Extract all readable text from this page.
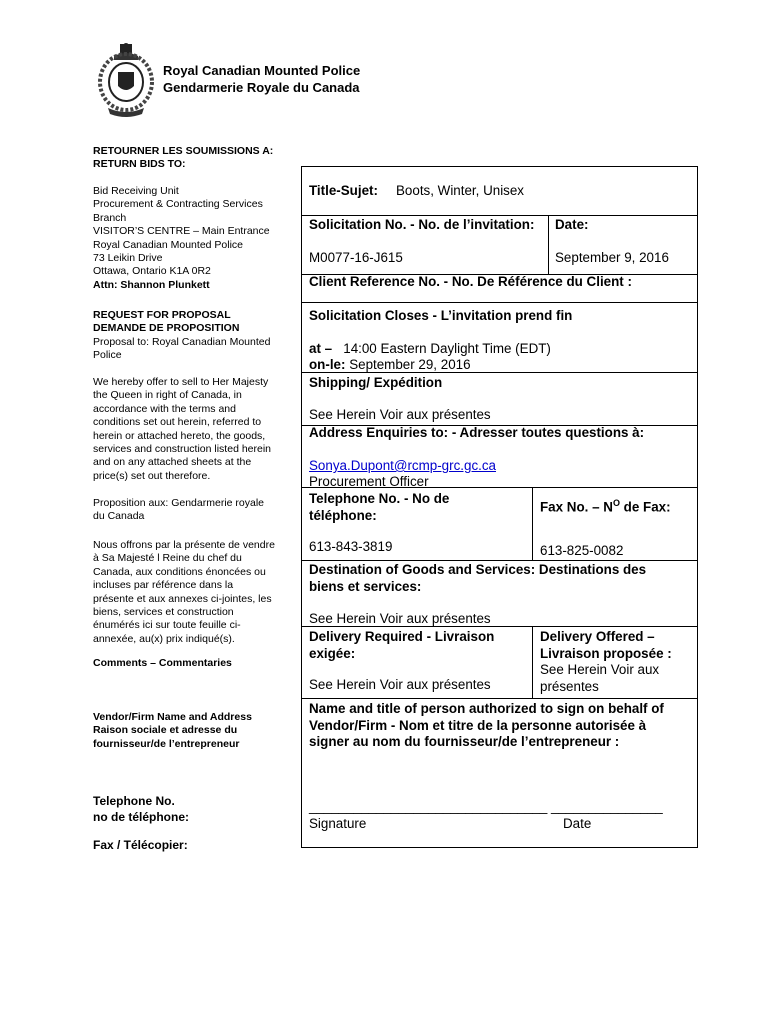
Royal Canadian Mounted Police
Gendarmerie Royale du Canada
RETOURNER LES SOUMISSIONS A:
RETURN BIDS TO:
Bid Receiving Unit
Procurement & Contracting Services
Branch
VISITOR’S CENTRE – Main Entrance
Royal Canadian Mounted Police
73 Leikin Drive
Ottawa, Ontario K1A 0R2
Attn: Shannon Plunkett
REQUEST FOR PROPOSAL
DEMANDE DE PROPOSITION
Proposal to: Royal Canadian Mounted
Police
We hereby offer to sell to Her Majesty
the Queen in right of Canada, in
accordance with the terms and
conditions set out herein, referred to
herein or attached hereto, the goods,
services and construction listed herein
and on any attached sheets at the
price(s) set out therefore.
Proposition aux: Gendarmerie royale
du Canada
Nous offrons par la présente de vendre
à Sa Majesté l Reine du chef du
Canada, aux conditions énoncées ou
incluses par référence dans la
présente et aux annexes ci-jointes, les
biens, services et construction
énumérés ici sur toute feuille ci-
annexée, au(x) prix indiqué(s).
Comments – Commentaries
Vendor/Firm Name and Address
Raison sociale et adresse du
fournisseur/de l’entrepreneur
Telephone No.
no de téléphone:
Fax / Télécopier:
Title-Sujet: Boots, Winter, Unisex
Solicitation No. - No. de l’invitation:
M0077-16-J615
Date:
September 9, 2016
Client Reference No. - No. De Référence du Client :
Solicitation Closes - L’invitation prend fin
at – 14:00 Eastern Daylight Time (EDT)
on-le: September 29, 2016
Shipping/ Expédition
See Herein Voir aux présentes
Address Enquiries to: - Adresser toutes questions à:
Sonya.Dupont@rcmp-grc.gc.ca
Procurement Officer
Telephone No. - No de
téléphone:
613-843-3819
Fax No. – $N^O$ de Fax:
613-825-0082
Destination of Goods and Services: Destinations des
biens et services:
See Herein Voir aux présentes
Delivery Required - Livraison
exigée:
See Herein Voir aux présentes
Delivery Offered –
Livraison proposée :
See Herein Voir aux
présentes
Name and title of person authorized to sign on behalf of
Vendor/Firm - Nom et titre de la personne autorisée à
signer au nom du fournisseur/de l’entrepreneur :
________________________________ _______________
Signature	Date
